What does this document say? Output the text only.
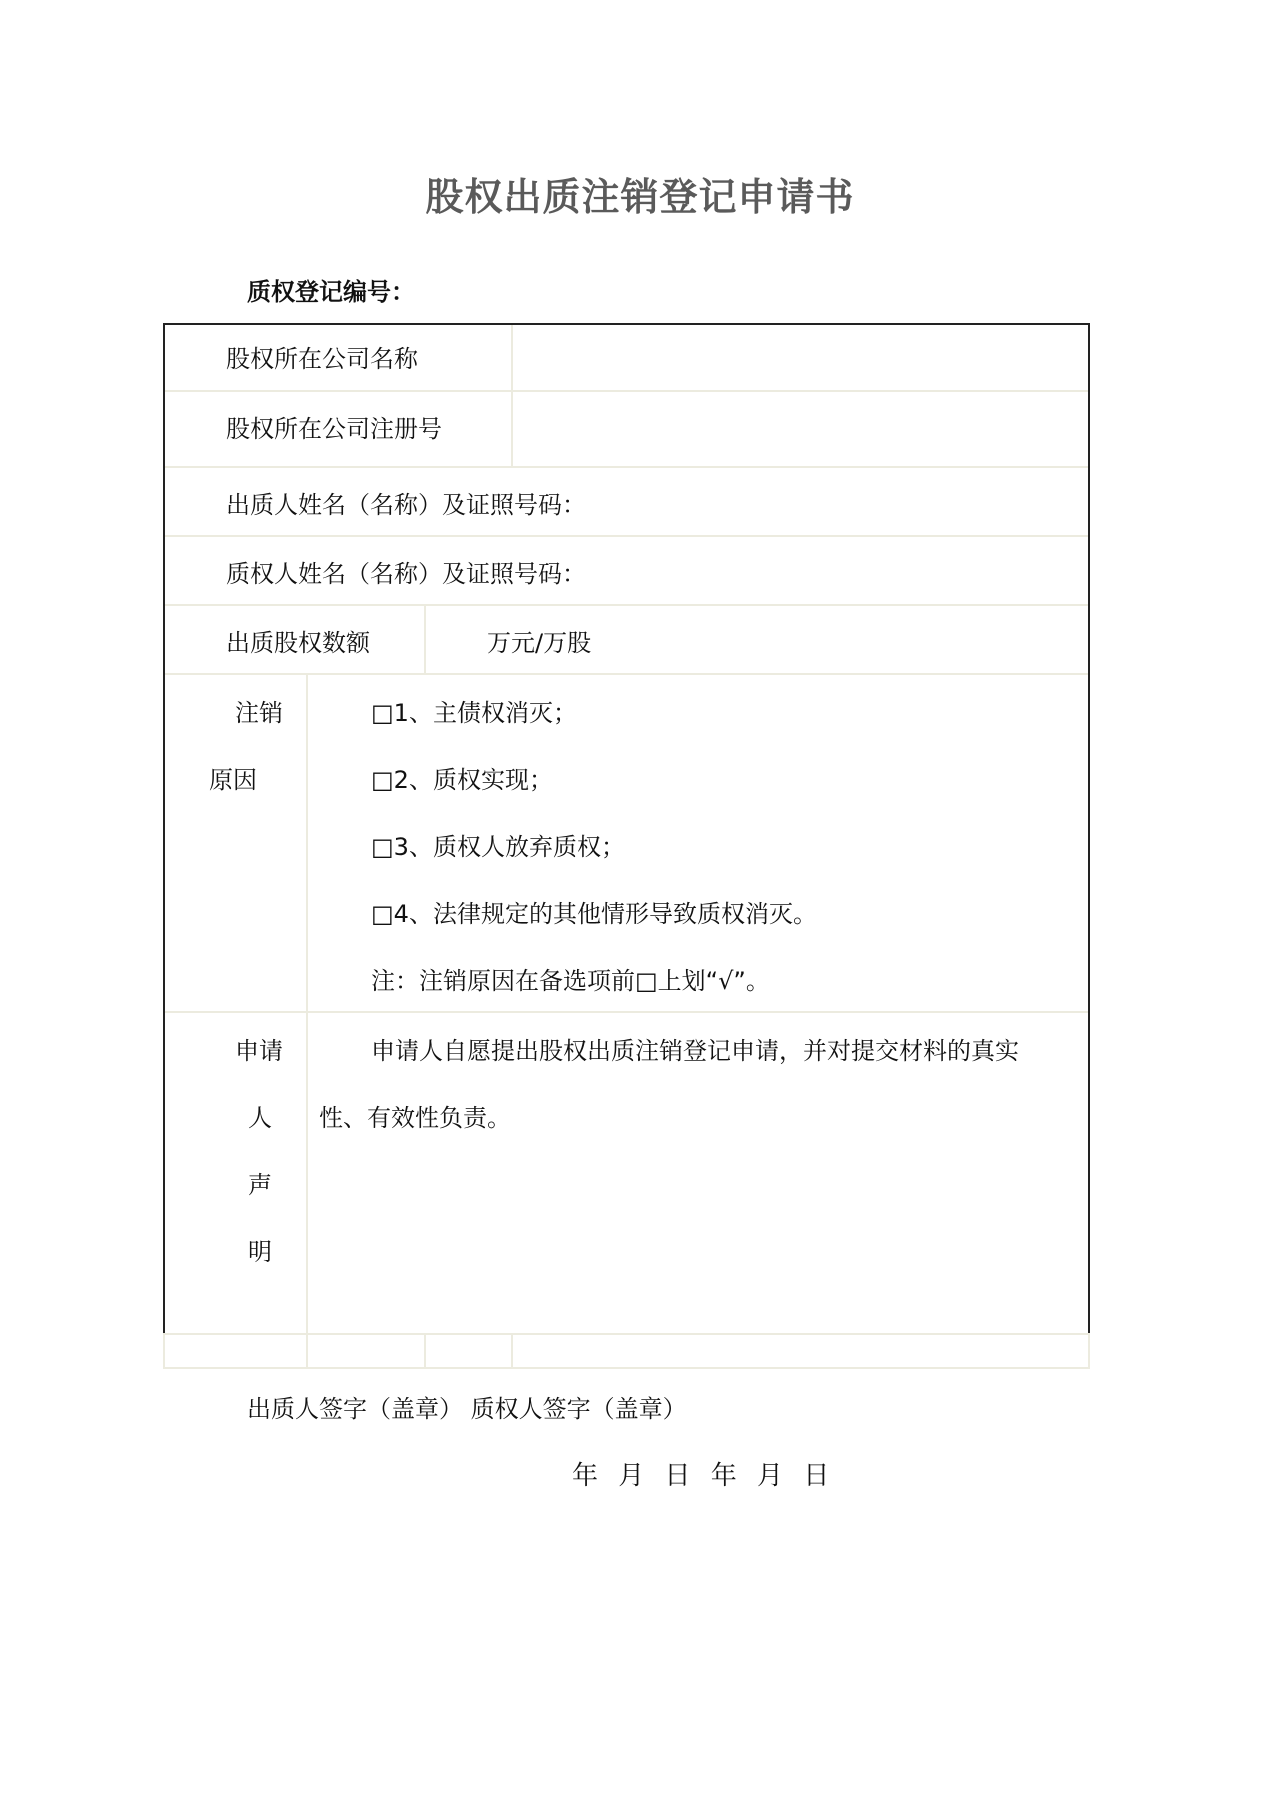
股权出质注销登记申请书
质权登记编号：
股权所在公司名称
股权所在公司注册号
出质人姓名（名称）及证照号码：
质权人姓名（名称）及证照号码：
出质股权数额	万元/万股
注销
原因
□1、主债权消灭；
□2、质权实现；
□3、质权人放弃质权；
□4、法律规定的其他情形导致质权消灭。
注：注销原因在备选项前□上划“√”。
申请
人
声
明
申请人自愿提出股权出质注销登记申请，并对提交材料的真实
性、有效性负责。
出质人签字（盖章） 质权人签字（盖章）
年 月 日 年 月 日
